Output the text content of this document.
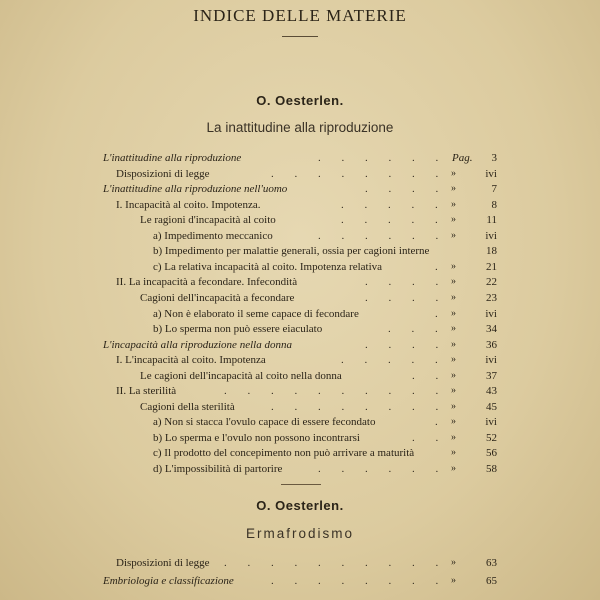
INDICE DELLE MATERIE
O. Oesterlen.
La inattitudine alla riproduzione
L'inattitudine alla riproduzione	. . . . . . Pag. 3
Disposizioni di legge	. . . . . . . . »	ivi
L'inattitudine alla riproduzione nell'uomo	. . . . »	7
I. Incapacità al coito. Impotenza.	. . . . . »	8
Le ragioni d'incapacità al coito	. . . . . »	11
a) Impedimento meccanico	. . . . . . »	ivi
b) Impedimento per malattie generali, ossia per cagioni interne	18
c) La relativa incapacità al coito. Impotenza relativa	. »	21
II. La incapacità a fecondare. Infecondità	. . . . »	22
Cagioni dell'incapacità a fecondare	. . . . »	23
a) Non è elaborato il seme capace di fecondare	. »	ivi
b) Lo sperma non può essere eiaculato	. . . »	34
L'incapacità alla riproduzione nella donna	. . . . »	36
I. L'incapacità al coito. Impotenza	. . . . . »	ivi
Le cagioni dell'incapacità al coito nella donna	. . »	37
II. La sterilità	. . . . . . . . . . »	43
Cagioni della sterilità	. . . . . . . . »	45
a) Non si stacca l'ovulo capace di essere fecondato	. »	ivi
b) Lo sperma e l'ovulo non possono incontrarsi	. . »	52
c) Il prodotto del concepimento non può arrivare a maturità	»	56
d) L'impossibilità di partorire	. . . . . . »	58
O. Oesterlen.
Ermafrodismo
Disposizioni di legge . . . . . . . . . . »	63
Embriologia e classificazione	. . . . . . . . »	65
